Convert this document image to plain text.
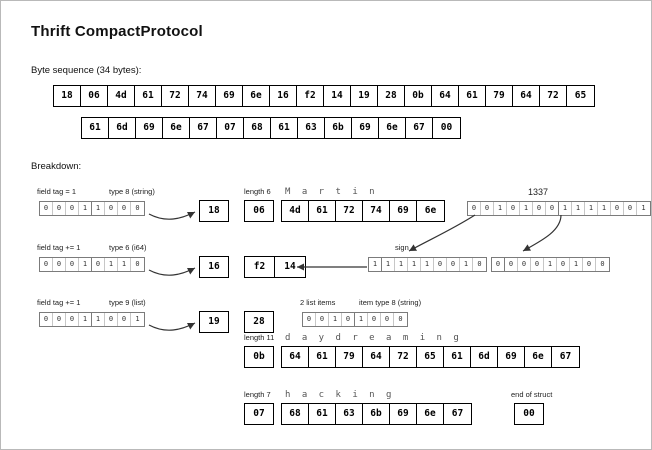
Thrift CompactProtocol
Byte sequence (34 bytes):
18	06	4d	61	72	74	69	6e	16	f2	14	19	28	0b	64	61	79	64	72	65
61	6d	69	6e	67	07	68	61	63	6b	69	6e	67	00
Breakdown:
field tag = 1	type 8 (string)
0	0	0	1	1	0	0	0	18
length 6
06
M a r t i n
4d	61	72	74	69	6e
1337
0	0	1	0	1	0	0	1	1	1	1	0	0	1
field tag += 1	type 6 (i64)
0	0	0	1	0	1	1	0	16	f2	14
sign
1	1	1	1	1	0	0	1	0	0	0	0	0	1	0	1	0	0
field tag += 1	type 9 (list)
0	0	0	1	1	0	0	1	19	28
2 list items	item type 8 (string)
0	0	1	0	1	0	0	0
length 11
0b
d a y d r e a m i n g
64	61	79	64	72	65	61	6d	69	6e	67
length 7
07
h a c k i n g
68	61	63	6b	69	6e	67
end of struct
00
